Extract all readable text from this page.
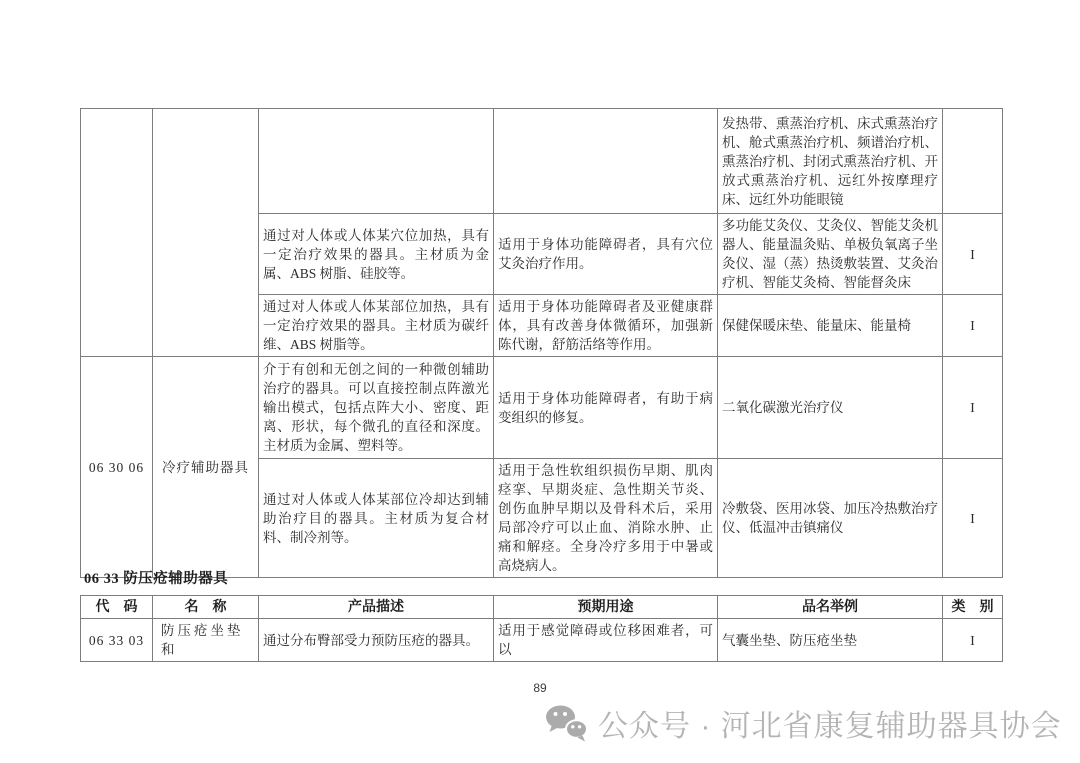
				发热带、熏蒸治疗机、床式熏蒸治疗机、舱式熏蒸治疗机、频谱治疗机、熏蒸治疗机、封闭式熏蒸治疗机、开放式熏蒸治疗机、远红外按摩理疗床、远红外功能眼镜	
		通过对人体或人体某穴位加热，具有一定治疗效果的器具。主材质为金属、ABS 树脂、硅胶等。	适用于身体功能障碍者，具有穴位艾灸治疗作用。	多功能艾灸仪、艾灸仪、智能艾灸机器人、能量温灸贴、单极负氧离子坐灸仪、湿（蒸）热烫敷装置、艾灸治疗机、智能艾灸椅、智能督灸床	I
		通过对人体或人体某部位加热，具有一定治疗效果的器具。主材质为碳纤维、ABS 树脂等。	适用于身体功能障碍者及亚健康群体，具有改善身体微循环，加强新陈代谢，舒筋活络等作用。	保健保暖床垫、能量床、能量椅	I
06 30 06	冷疗辅助器具	介于有创和无创之间的一种微创辅助治疗的器具。可以直接控制点阵激光输出模式，包括点阵大小、密度、距离、形状，每个微孔的直径和深度。主材质为金属、塑料等。	适用于身体功能障碍者，有助于病变组织的修复。	二氧化碳激光治疗仪	I
		通过对人体或人体某部位冷却达到辅助治疗目的器具。主材质为复合材料、制冷剂等。	适用于急性软组织损伤早期、肌肉痉挛、早期炎症、急性期关节炎、创伤血肿早期以及骨科术后，采用局部冷疗可以止血、消除水肿、止痛和解痉。全身冷疗多用于中暑或高烧病人。	冷敷袋、医用冰袋、加压冷热敷治疗仪、低温冲击镇痛仪	I
06 33 防压疮辅助器具
代　码	名　称	产品描述	预期用途	品名举例	类　别
06 33 03	防压疮坐垫和	通过分布臀部受力预防压疮的器具。	适用于感觉障碍或位移困难者，可以	气囊坐垫、防压疮坐垫	I
89
公众号 · 河北省康复辅助器具协会
